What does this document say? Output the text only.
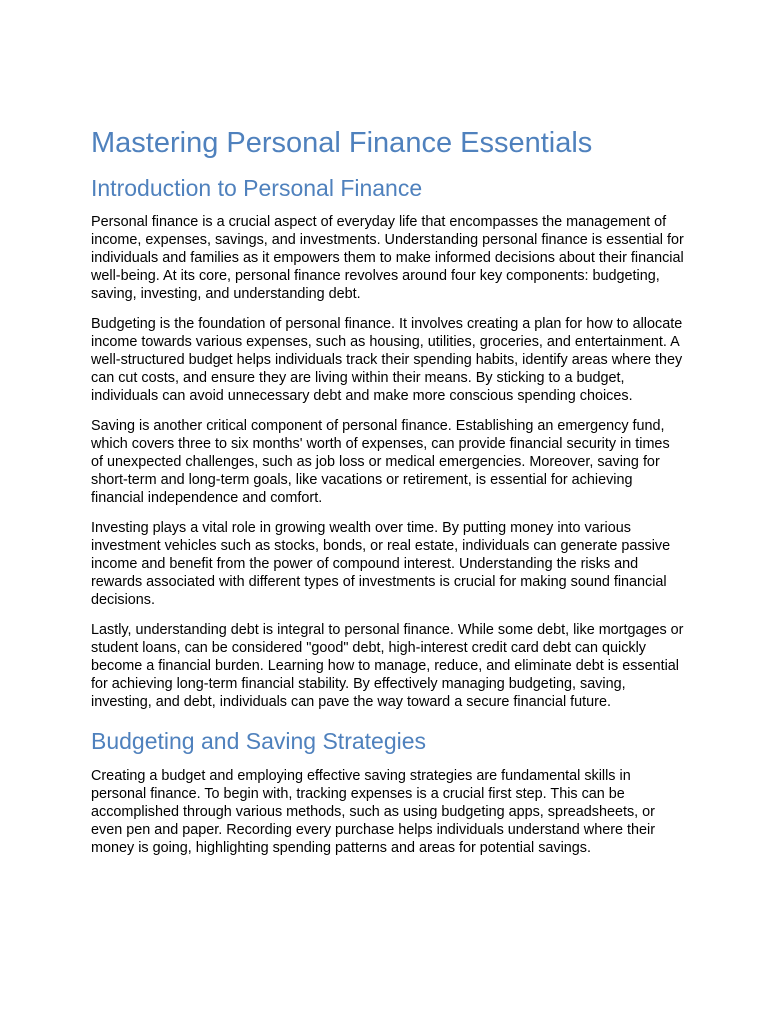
Mastering Personal Finance Essentials
Introduction to Personal Finance

Personal finance is a crucial aspect of everyday life that encompasses the management of income, expenses, savings, and investments. Understanding personal finance is essential for individuals and families as it empowers them to make informed decisions about their financial well-being. At its core, personal finance revolves around four key components: budgeting, saving, investing, and understanding debt.

Budgeting is the foundation of personal finance. It involves creating a plan for how to allocate income towards various expenses, such as housing, utilities, groceries, and entertainment. A well-structured budget helps individuals track their spending habits, identify areas where they can cut costs, and ensure they are living within their means. By sticking to a budget, individuals can avoid unnecessary debt and make more conscious spending choices.

Saving is another critical component of personal finance. Establishing an emergency fund, which covers three to six months' worth of expenses, can provide financial security in times of unexpected challenges, such as job loss or medical emergencies. Moreover, saving for short-term and long-term goals, like vacations or retirement, is essential for achieving financial independence and comfort.

Investing plays a vital role in growing wealth over time. By putting money into various investment vehicles such as stocks, bonds, or real estate, individuals can generate passive income and benefit from the power of compound interest. Understanding the risks and rewards associated with different types of investments is crucial for making sound financial decisions.

Lastly, understanding debt is integral to personal finance. While some debt, like mortgages or student loans, can be considered "good" debt, high-interest credit card debt can quickly become a financial burden. Learning how to manage, reduce, and eliminate debt is essential for achieving long-term financial stability. By effectively managing budgeting, saving, investing, and debt, individuals can pave the way toward a secure financial future.

Budgeting and Saving Strategies

Creating a budget and employing effective saving strategies are fundamental skills in personal finance. To begin with, tracking expenses is a crucial first step. This can be accomplished through various methods, such as using budgeting apps, spreadsheets, or even pen and paper. Recording every purchase helps individuals understand where their money is going, highlighting spending patterns and areas for potential savings.
